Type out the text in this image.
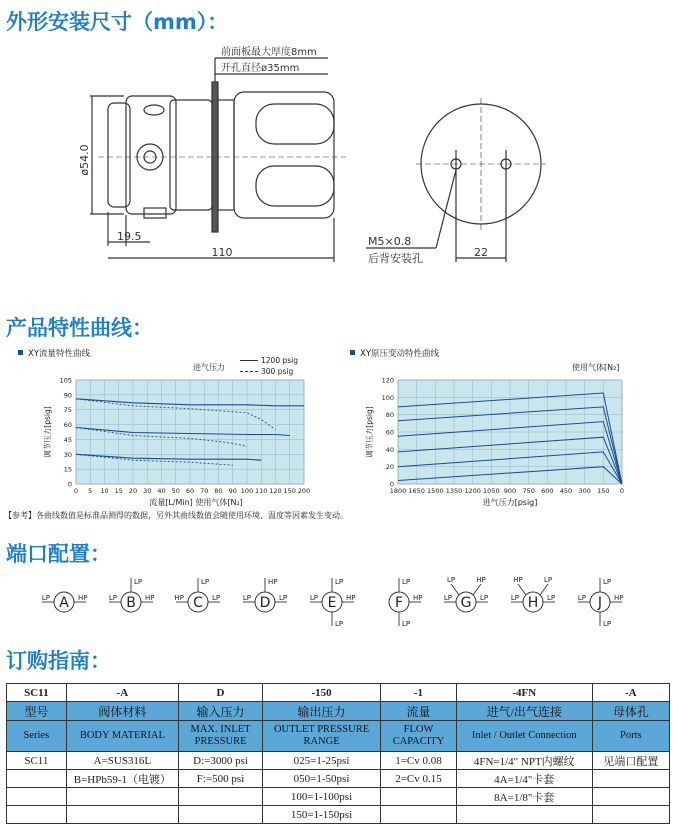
外形安装尺寸（mm）：
产品特性曲线：
端口配置：
订购指南：
前面板最大厚度8mm
开孔直径ø35mm
ø54.0
19.5
110	22
M5×0.8
后背安装孔
XY流量特性曲线
进气压力
1200 psig
300 psig
XY原压变动特性曲线
使用气体[N₂]
0
15
30
45
60
75
90
105
0 5 10 15 20 30 40 50 60 70 80 90 100 110 120 150 200
调节压力[psig]
0
20
40
60
80
100
120
1800 1650 1500 1350 1200 1050 900 750 600 450 300 150 0
调节压力[psig]
流量[L/Min] 使用气体[N₂]	进气压力[psig]
【参考】各曲线数值是标准品测得的数据，另外其曲线数值会随使用环境、温度等因素发生变动。
A
LP	HP	B
LP	HP
LP
C
HP	LP
LP
D
LP	LP
HP
E
LP	HP
LP
LP
F HP
LP
LP
G
LP	LP
LP	HP
H
LP	LP
HP	LP
J
LP	HP
LP
LP
SC11	-A	D	-150	-1	-4FN	-A
型号	阀体材料	输入压力	输出压力	流量	进气/出气连接	母体孔
Series	BODY MATERIAL	MAX. INLET PRESSURE	OUTLET PRESSURE RANGE	FLOW CAPACITY	Inlet / Outlet Connection	Ports
SC11	A=SUS316L	D:=3000 psi	025=1-25psi	1=Cv 0.08	4FN=1/4" NPT内螺纹	见端口配置
	B=HPb59-1（电镀）	F:=500 psi	050=1-50psi	2=Cv 0.15	4A=1/4"卡套	
			100=1-100psi		8A=1/8"卡套	
			150=1-150psi			
